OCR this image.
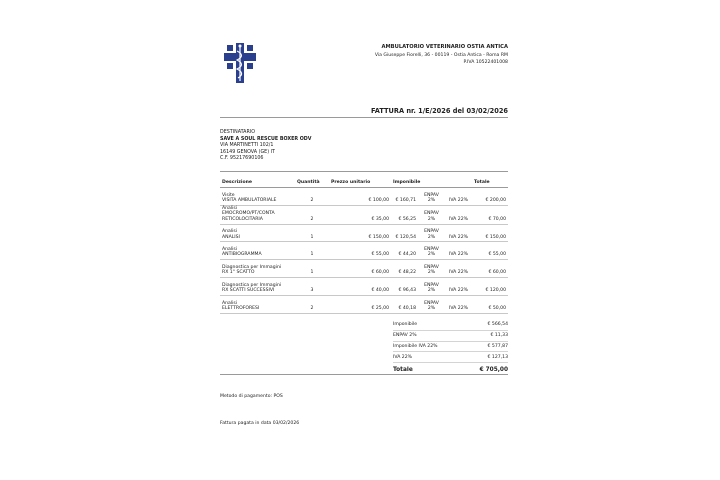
AMBULATORIO VETERINARIO OSTIA ANTICA
Via Giuseppe Fiorelli, 36 - 00119 - Ostia Antica - Roma RM
P.IVA 10522401008
FATTURA nr. 1/E/2026 del 03/02/2026
DESTINATARIO
SAVE A SOUL RESCUE BOXER ODV
VIA MARTINETTI 102/1
16149 GENOVA (GE) IT
C.F. 95217690106
Descrizione	Quantità	Prezzo unitario	Imponibile			Totale

Visite
VISITA AMBULATORIALE	2	€ 100,00	€ 160,71	ENPAV 2%	IVA 22%	€ 200,00

Analisi
EMOCROMO/PT/CONTA RETICOLOCITARIA	2	€ 35,00	€ 56,25	ENPAV 2%	IVA 22%	€ 70,00

Analisi
ANALISI	1	€ 150,00	€ 120,54	ENPAV 2%	IVA 22%	€ 150,00

Analisi
ANTIBIOGRAMMA	1	€ 55,00	€ 44,20	ENPAV 2%	IVA 22%	€ 55,00

Diagnostica per Immagini
RX 1° SCATTO	1	€ 60,00	€ 48,22	ENPAV 2%	IVA 22%	€ 60,00

Diagnostica per Immagini
RX SCATTI SUCCESSIVI	3	€ 40,00	€ 96,43	ENPAV 2%	IVA 22%	€ 120,00

Analisi
ELETTROFORESI	2	€ 25,00	€ 40,18	ENPAV 2%	IVA 22%	€ 50,00
Imponibile	€ 566,54
ENPAV 2%	€ 11,33
Imponibile IVA 22%	€ 577,87
IVA 22%	€ 127,13
Totale	€ 705,00
Metodo di pagamento: POS
Fattura pagata in data 03/02/2026
